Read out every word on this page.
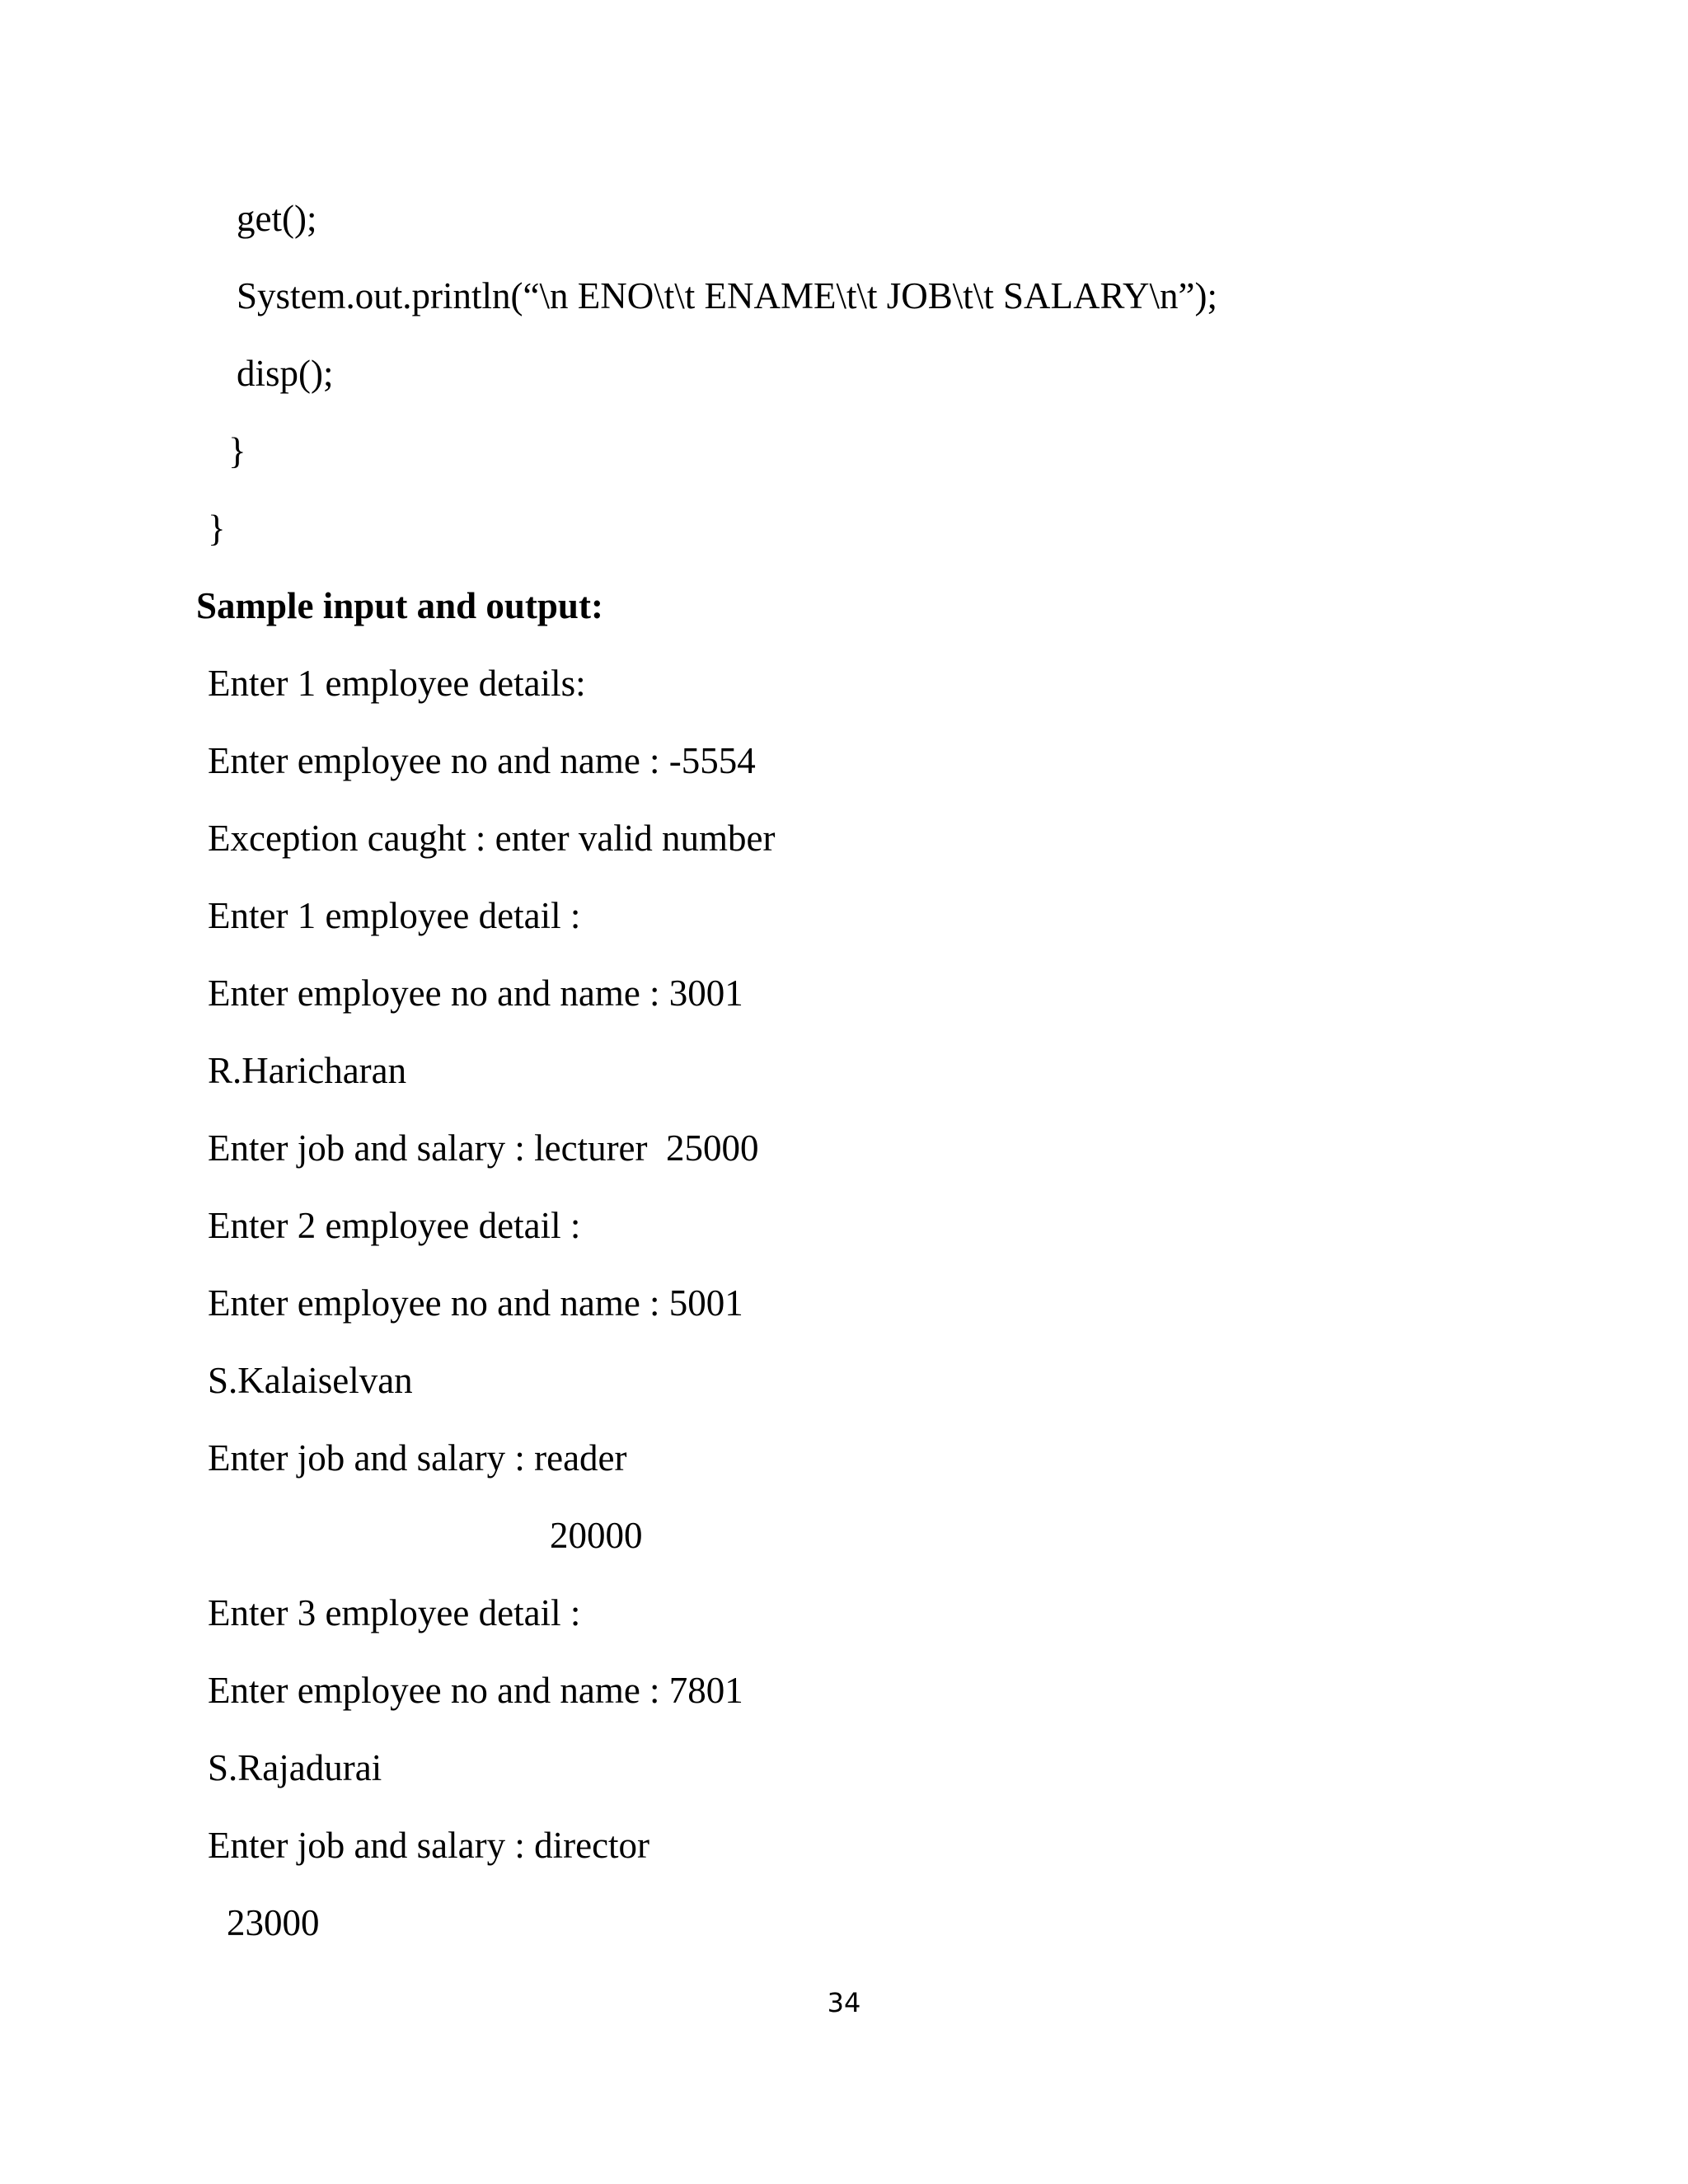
get();
System.out.println(“\n ENO\t\t ENAME\t\t JOB\t\t SALARY\n”);
disp();
}
}
Sample input and output:
Enter 1 employee details:
Enter employee no and name : -5554
Exception caught : enter valid number
Enter 1 employee detail :
Enter employee no and name : 3001
R.Haricharan
Enter job and salary : lecturer  25000
Enter 2 employee detail :
Enter employee no and name : 5001
S.Kalaiselvan
Enter job and salary : reader
20000
Enter 3 employee detail :
Enter employee no and name : 7801
S.Rajadurai
Enter job and salary : director
23000
34
